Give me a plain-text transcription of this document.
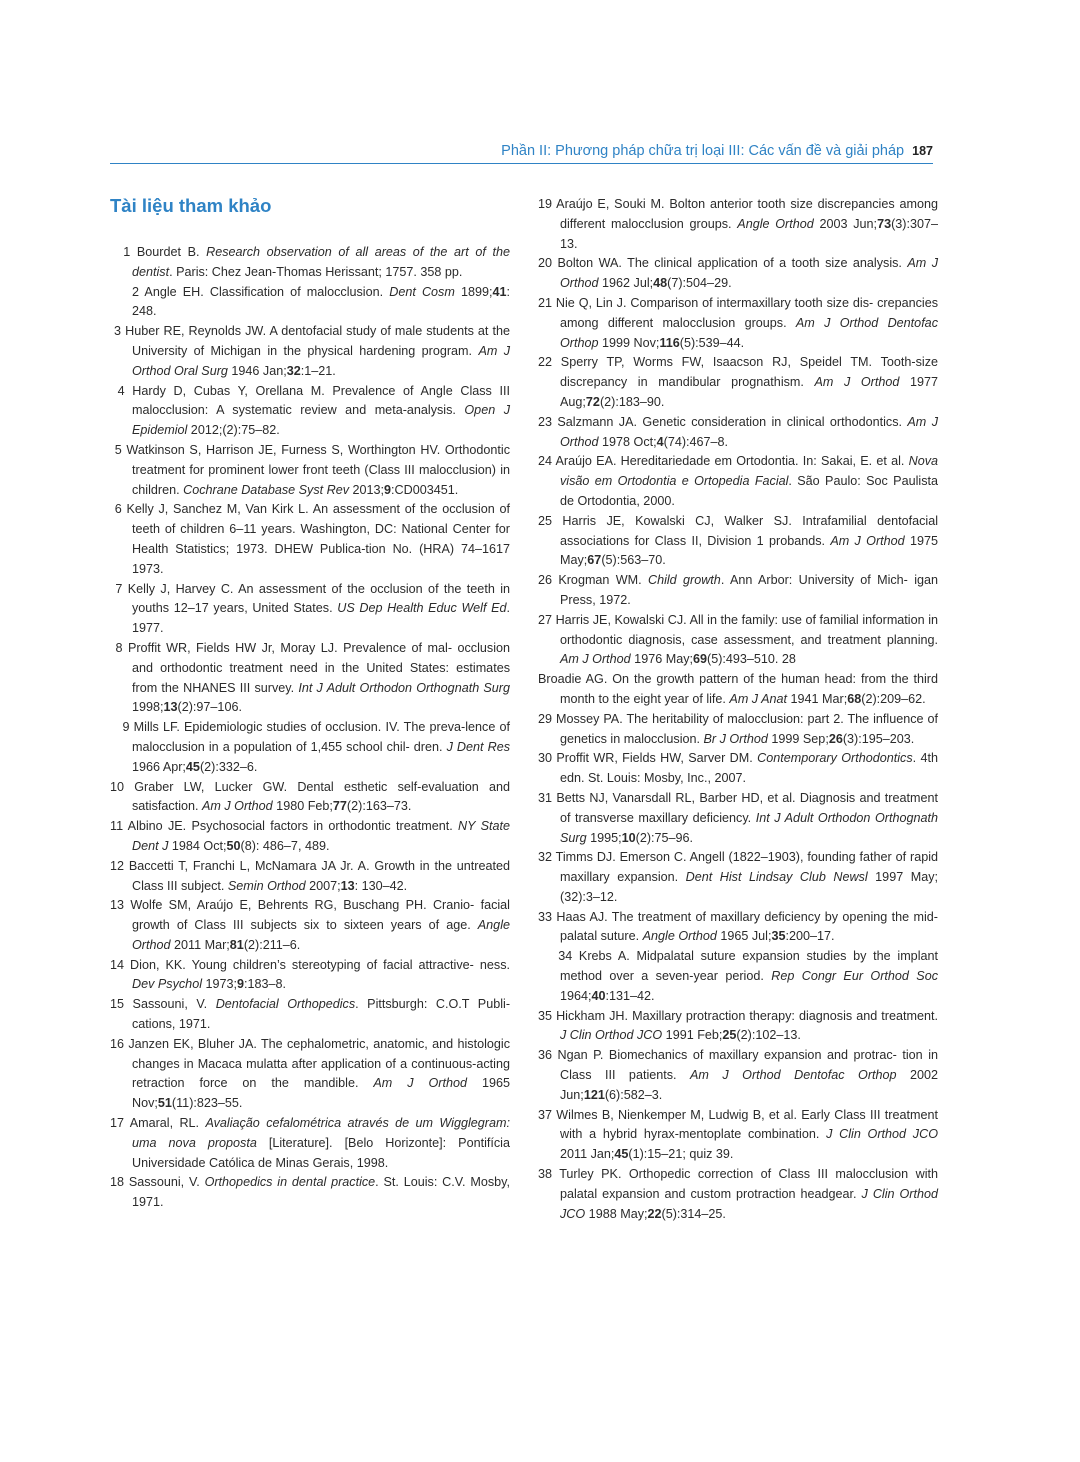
Phần II: Phương pháp chữa trị loại III: Các vấn đề và giải pháp 187
Tài liệu tham khảo

1 Bourdet B. Research observation of all areas of the art of the dentist. Paris: Chez Jean-Thomas Herissant; 1757. 358 pp.
2 Angle EH. Classification of malocclusion. Dent Cosm 1899;41: 248.

3 Huber RE, Reynolds JW. A dentofacial study of male students at the University of Michigan in the physical hardening program. Am J Orthod Oral Surg 1946 Jan;32:1–21.

4 Hardy D, Cubas Y, Orellana M. Prevalence of Angle Class III malocclusion: A systematic review and meta-analysis. Open J Epidemiol 2012;(2):75–82.

5 Watkinson S, Harrison JE, Furness S, Worthington HV. Orthodontic treatment for prominent lower front teeth (Class III malocclusion) in children. Cochrane Database Syst Rev 2013;9:CD003451.

6 Kelly J, Sanchez M, Van Kirk L. An assessment of the occlusion of teeth of children 6–11 years. Washington, DC: National Center for Health Statistics; 1973. DHEW Publica-tion No. (HRA) 74–1617 1973.

7 Kelly J, Harvey C. An assessment of the occlusion of the teeth in youths 12–17 years, United States. US Dep Health Educ Welf Ed. 1977.

8 Proffit WR, Fields HW Jr, Moray LJ. Prevalence of mal- occlusion and orthodontic treatment need in the United States: estimates from the NHANES III survey. Int J Adult Orthodon Orthognath Surg 1998;13(2):97–106.

9 Mills LF. Epidemiologic studies of occlusion. IV. The preva-lence of malocclusion in a population of 1,455 school chil- dren. J Dent Res 1966 Apr;45(2):332–6.

10 Graber LW, Lucker GW. Dental esthetic self-evaluation and satisfaction. Am J Orthod 1980 Feb;77(2):163–73.

11 Albino JE. Psychosocial factors in orthodontic treatment. NY State Dent J 1984 Oct;50(8): 486–7, 489.

12 Baccetti T, Franchi L, McNamara JA Jr. A. Growth in the untreated Class III subject. Semin Orthod 2007;13: 130–42.

13 Wolfe SM, Araújo E, Behrents RG, Buschang PH. Cranio- facial growth of Class III subjects six to sixteen years of age. Angle Orthod 2011 Mar;81(2):211–6.

14 Dion, KK. Young children’s stereotyping of facial attractive- ness. Dev Psychol 1973;9:183–8.

15 Sassouni, V. Dentofacial Orthopedics. Pittsburgh: C.O.T Publi- cations, 1971.

16 Janzen EK, Bluher JA. The cephalometric, anatomic, and histologic changes in Macaca mulatta after application of a continuous-acting retraction force on the mandible. Am J Orthod 1965 Nov;51(11):823–55.

17 Amaral, RL. Avaliação cefalométrica através de um Wigglegram: uma nova proposta [Literature]. [Belo Horizonte]: Pontifícia Universidade Católica de Minas Gerais, 1998.

18 Sassouni, V. Orthopedics in dental practice. St. Louis: C.V. Mosby, 1971.

19 Araújo E, Souki M. Bolton anterior tooth size discrepancies among different malocclusion groups. Angle Orthod 2003 Jun;73(3):307–13.

20 Bolton WA. The clinical application of a tooth size analysis. Am J Orthod 1962 Jul;48(7):504–29.

21 Nie Q, Lin J. Comparison of intermaxillary tooth size dis- crepancies among different malocclusion groups. Am J Orthod Dentofac Orthop 1999 Nov;116(5):539–44.

22 Sperry TP, Worms FW, Isaacson RJ, Speidel TM. Tooth-size discrepancy in mandibular prognathism. Am J Orthod 1977 Aug;72(2):183–90.

23 Salzmann JA. Genetic consideration in clinical orthodontics. Am J Orthod 1978 Oct;4(74):467–8.

24 Araújo EA. Hereditariedade em Ortodontia. In: Sakai, E. et al. Nova visão em Ortodontia e Ortopedia Facial. São Paulo: Soc Paulista de Ortodontia, 2000.

25 Harris JE, Kowalski CJ, Walker SJ. Intrafamilial dentofacial associations for Class II, Division 1 probands. Am J Orthod 1975 May;67(5):563–70.

26 Krogman WM. Child growth. Ann Arbor: University of Mich- igan Press, 1972.

27 Harris JE, Kowalski CJ. All in the family: use of familial information in orthodontic diagnosis, case assessment, and treatment planning. Am J Orthod 1976 May;69(5):493–510. 28

Broadie AG. On the growth pattern of the human head: from the third month to the eight year of life. Am J Anat 1941 Mar;68(2):209–62.

29 Mossey PA. The heritability of malocclusion: part 2. The influence of genetics in malocclusion. Br J Orthod 1999 Sep;26(3):195–203.

30 Proffit WR, Fields HW, Sarver DM. Contemporary Orthodontics. 4th edn. St. Louis: Mosby, Inc., 2007.

31 Betts NJ, Vanarsdall RL, Barber HD, et al. Diagnosis and treatment of transverse maxillary deficiency. Int J Adult Orthodon Orthognath Surg 1995;10(2):75–96.

32 Timms DJ. Emerson C. Angell (1822–1903), founding father of rapid maxillary expansion. Dent Hist Lindsay Club Newsl 1997 May; (32):3–12.

33 Haas AJ. The treatment of maxillary deficiency by opening the mid-palatal suture. Angle Orthod 1965 Jul;35:200–17.

34 Krebs A. Midpalatal suture expansion studies by the implant method over a seven-year period. Rep Congr Eur Orthod Soc 1964;40:131–42.

35 Hickham JH. Maxillary protraction therapy: diagnosis and treatment. J Clin Orthod JCO 1991 Feb;25(2):102–13.

36 Ngan P. Biomechanics of maxillary expansion and protrac- tion in Class III patients. Am J Orthod Dentofac Orthop 2002 Jun;121(6):582–3.

37 Wilmes B, Nienkemper M, Ludwig B, et al. Early Class III treatment with a hybrid hyrax-mentoplate combination. J Clin Orthod JCO 2011 Jan;45(1):15–21; quiz 39.

38 Turley PK. Orthopedic correction of Class III malocclusion with palatal expansion and custom protraction headgear. J Clin Orthod JCO 1988 May;22(5):314–25.
